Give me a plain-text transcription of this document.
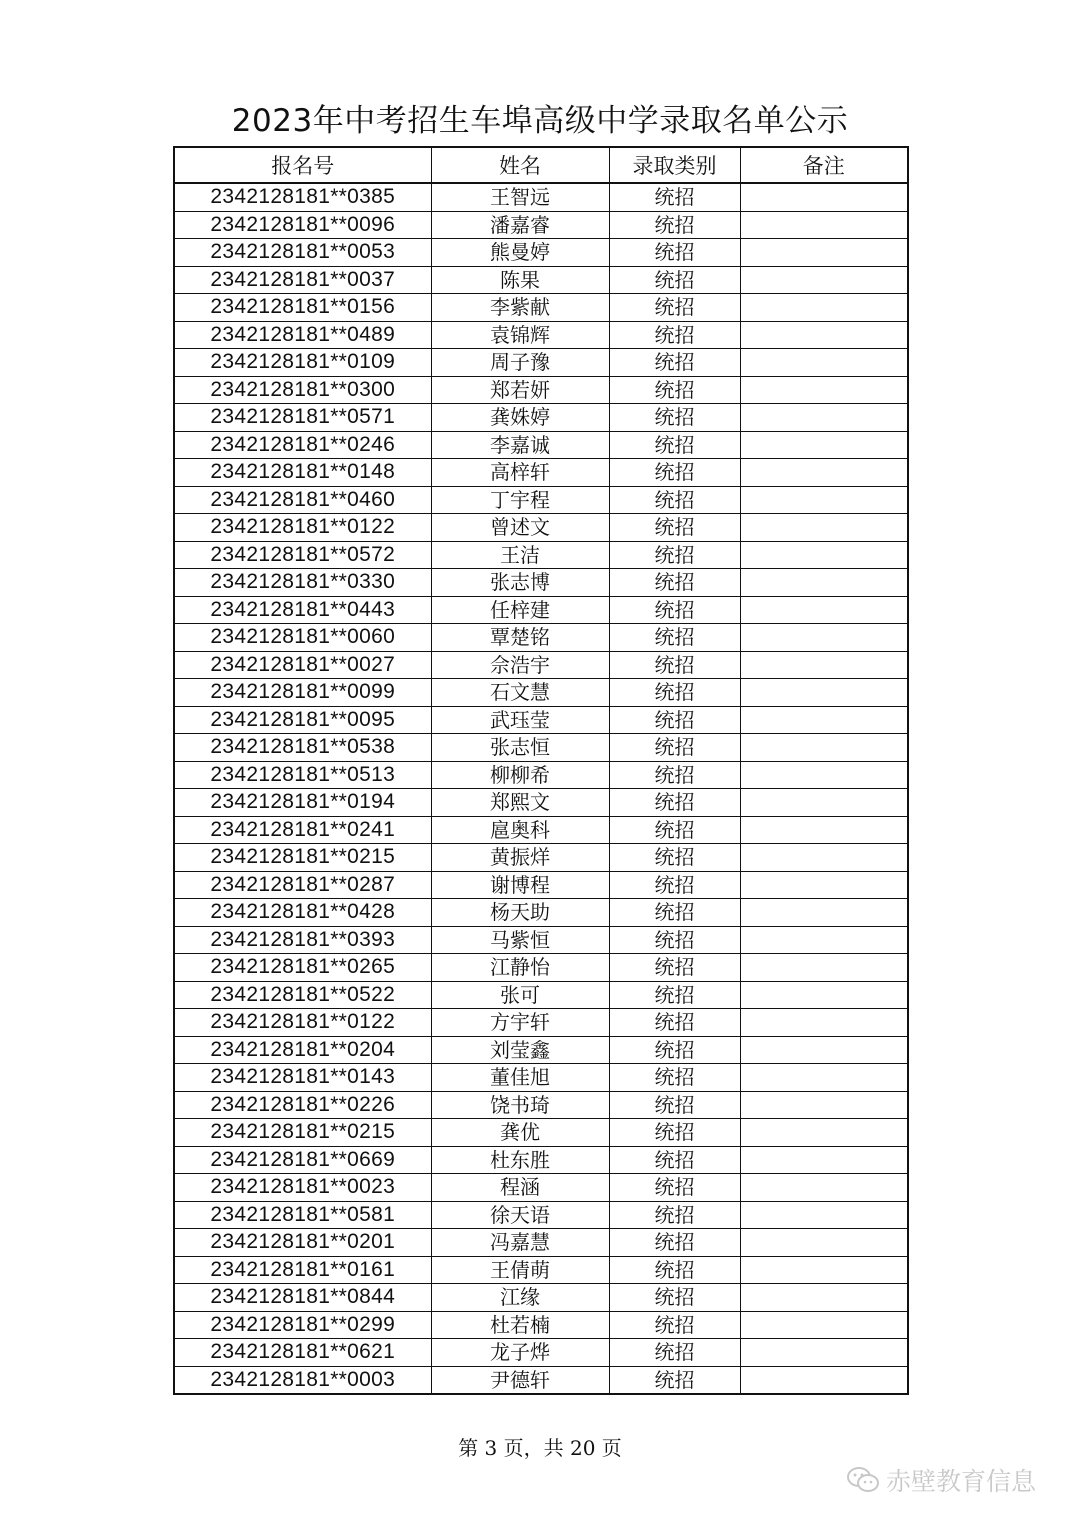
2023年中考招生车埠高级中学录取名单公示
报名号	姓名	录取类别	备注
2342128181**0385	王智远	统招	
2342128181**0096	潘嘉睿	统招	
2342128181**0053	熊曼婷	统招	
2342128181**0037	陈果	统招	
2342128181**0156	李紫献	统招	
2342128181**0489	袁锦辉	统招	
2342128181**0109	周子豫	统招	
2342128181**0300	郑若妍	统招	
2342128181**0571	龚姝婷	统招	
2342128181**0246	李嘉诚	统招	
2342128181**0148	高梓轩	统招	
2342128181**0460	丁宇程	统招	
2342128181**0122	曾述文	统招	
2342128181**0572	王洁	统招	
2342128181**0330	张志博	统招	
2342128181**0443	任梓建	统招	
2342128181**0060	覃楚铭	统招	
2342128181**0027	佘浩宇	统招	
2342128181**0099	石文慧	统招	
2342128181**0095	武珏莹	统招	
2342128181**0538	张志恒	统招	
2342128181**0513	柳柳希	统招	
2342128181**0194	郑熙文	统招	
2342128181**0241	扈奥科	统招	
2342128181**0215	黄振烊	统招	
2342128181**0287	谢博程	统招	
2342128181**0428	杨天助	统招	
2342128181**0393	马紫恒	统招	
2342128181**0265	江静怡	统招	
2342128181**0522	张可	统招	
2342128181**0122	方宇轩	统招	
2342128181**0204	刘莹鑫	统招	
2342128181**0143	董佳旭	统招	
2342128181**0226	饶书琦	统招	
2342128181**0215	龚优	统招	
2342128181**0669	杜东胜	统招	
2342128181**0023	程涵	统招	
2342128181**0581	徐天语	统招	
2342128181**0201	冯嘉慧	统招	
2342128181**0161	王倩萌	统招	
2342128181**0844	江缘	统招	
2342128181**0299	杜若楠	统招	
2342128181**0621	龙子烨	统招	
2342128181**0003	尹德轩	统招	
第 3 页，共 20 页
赤壁教育信息
